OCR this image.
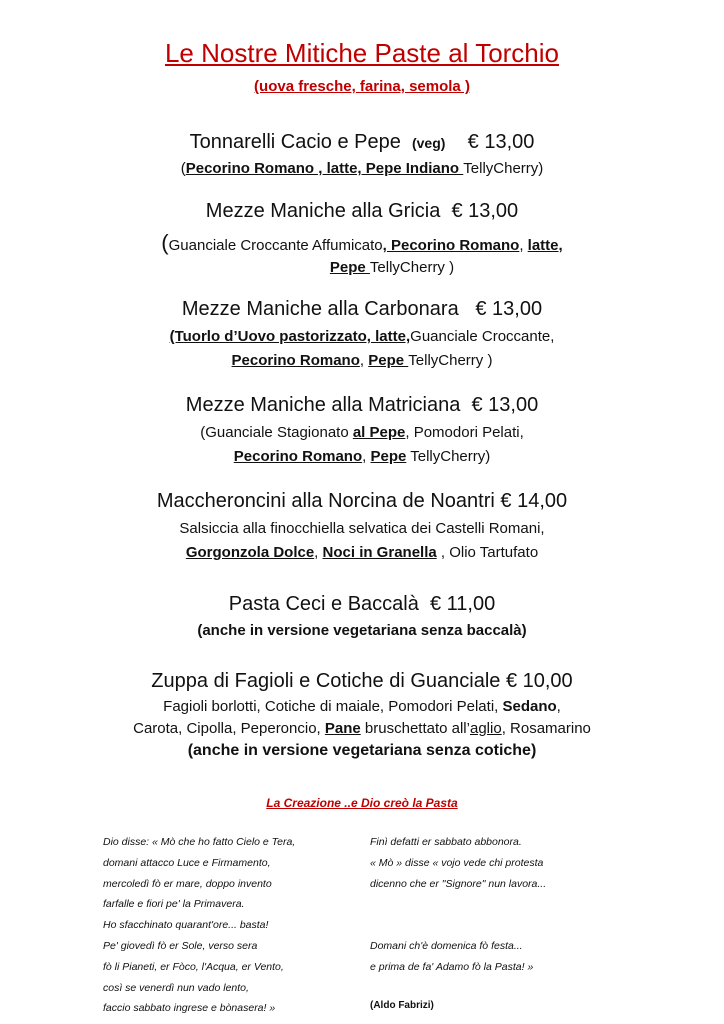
Le Nostre Mitiche Paste al Torchio
(uova fresche, farina, semola )
Tonnarelli Cacio e Pepe (veg) € 13,00
(Pecorino Romano , latte, Pepe Indiano TellyCherry)
Mezze Maniche alla Gricia € 13,00
(Guanciale Croccante Affumicato, Pecorino Romano, latte,
Pepe TellyCherry )
Mezze Maniche alla Carbonara € 13,00
(Tuorlo d’Uovo pastorizzato, latte,Guanciale Croccante,
Pecorino Romano, Pepe TellyCherry )
Mezze Maniche alla Matriciana € 13,00
(Guanciale Stagionato al Pepe, Pomodori Pelati,
Pecorino Romano, Pepe TellyCherry)
Maccheroncini alla Norcina de Noantri € 14,00
Salsiccia alla finocchiella selvatica dei Castelli Romani,
Gorgonzola Dolce, Noci in Granella , Olio Tartufato
Pasta Ceci e Baccalà € 11,00
(anche in versione vegetariana senza baccalà)
Zuppa di Fagioli e Cotiche di Guanciale € 10,00
Fagioli borlotti, Cotiche di maiale, Pomodori Pelati, Sedano,
Carota, Cipolla, Peperoncio, Pane bruschettato all’aglio, Rosamarino
(anche in versione vegetariana senza cotiche)
La Creazione ..e Dio creò la Pasta
Dio disse: « Mò che ho fatto Cielo e Tera,
domani attacco Luce e Firmamento,
mercoledì fò er mare, doppo invento
farfalle e fiori pe' la Primavera.
Ho sfacchinato quarant'ore... basta!
Pe' giovedì fò er Sole, verso sera
fò li Pianeti, er Fòco, l'Acqua, er Vento,
così se venerdì nun vado lento,
faccio sabbato ingrese e bònasera! »
Finì defatti er sabbato abbonora.
« Mò » disse « vojo vede chi protesta
dicenno che er "Signore" nun lavora...
Domani ch'è domenica fò festa...
e prima de fa' Adamo fò la Pasta! »
(Aldo Fabrizi)
